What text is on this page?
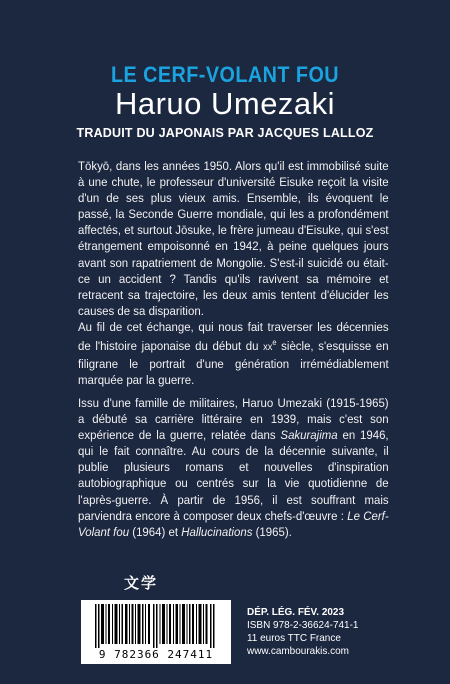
LE CERF-VOLANT FOU
Haruo Umezaki
TRADUIT DU JAPONAIS PAR JACQUES LALLOZ

Tōkyō, dans les années 1950. Alors qu'il est immobilisé suite à une chute, le professeur d'université Eisuke reçoit la visite d'un de ses plus vieux amis. Ensemble, ils évoquent le passé, la Seconde Guerre mondiale, qui les a profondément affectés, et surtout Jōsuke, le frère jumeau d'Eisuke, qui s'est étrangement empoisonné en 1942, à peine quelques jours avant son rapatriement de Mongolie. S'est-il suicidé ou était-ce un accident ? Tandis qu'ils ravivent sa mémoire et retracent sa trajectoire, les deux amis tentent d'élucider les causes de sa disparition.

Au fil de cet échange, qui nous fait traverser les décennies de l'histoire japonaise du début du $xx^e$ siècle, s'esquisse en filigrane le portrait d'une génération irrémédiablement marquée par la guerre.

Issu d'une famille de militaires, Haruo Umezaki (1915-1965) a débuté sa carrière littéraire en 1939, mais c'est son expérience de la guerre, relatée dans Sakurajima en 1946, qui le fait connaître. Au cours de la décennie suivante, il publie plusieurs romans et nouvelles d'inspiration autobiographique ou centrés sur la vie quotidienne de l'après-guerre. À partir de 1956, il est souffrant mais parviendra encore à composer deux chefs-d'œuvre : Le Cerf-Volant fou (1964) et Hallucinations (1965).

文学
9 782366 247411
DÉP. LÉG. FÉV. 2023
ISBN 978-2-36624-741-1
11 euros TTC France
www.cambourakis.com
